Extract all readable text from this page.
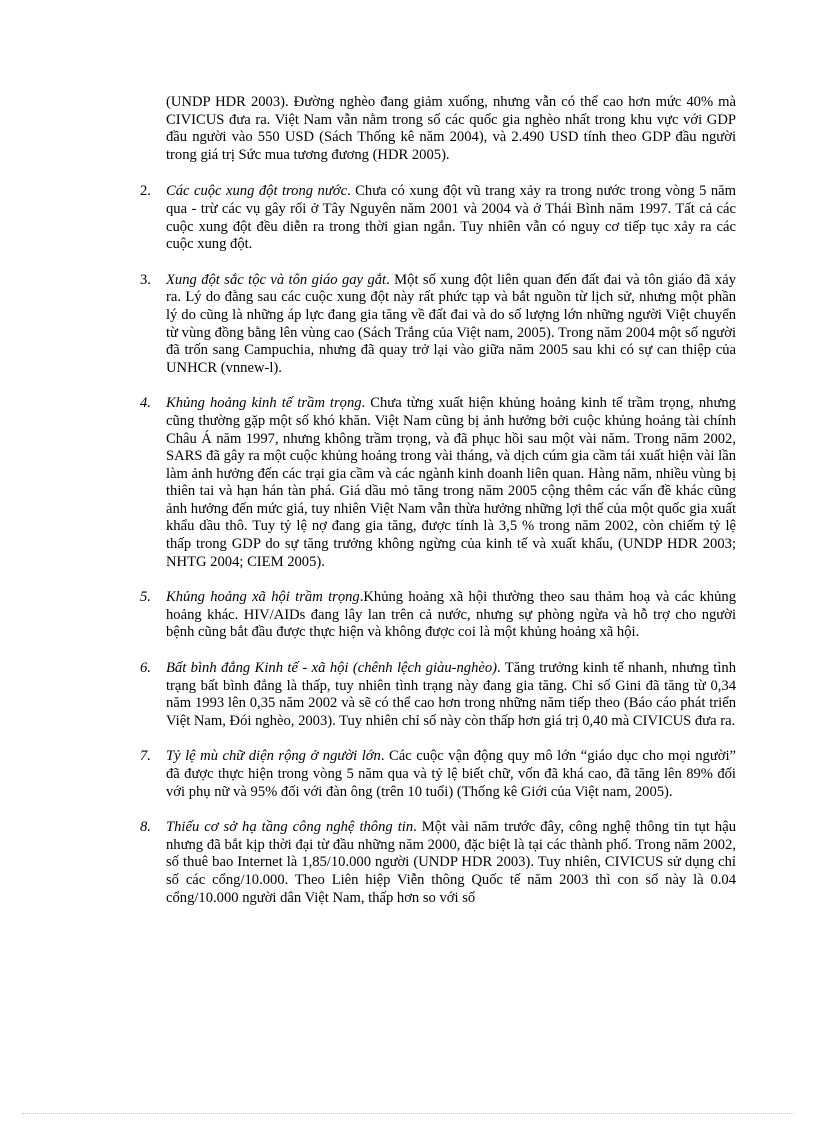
(UNDP HDR 2003). Đường nghèo đang giảm xuống, nhưng vẫn có thể cao hơn mức 40% mà CIVICUS đưa ra. Việt Nam vẫn nằm trong số các quốc gia nghèo nhất trong khu vực với GDP đầu người vào 550 USD (Sách Thống kê năm 2004), và 2.490 USD tính theo GDP đầu người trong giá trị Sức mua tương đương (HDR 2005).

2.	Các cuộc xung đột trong nước. Chưa có xung đột vũ trang xảy ra trong nước trong vòng 5 năm qua - trừ các vụ gây rối ở Tây Nguyên năm 2001 và 2004 và ở Thái Bình năm 1997. Tất cả các cuộc xung đột đều diễn ra trong thời gian ngắn. Tuy nhiên vẫn có nguy cơ tiếp tục xảy ra các cuộc xung đột.

3.	Xung đột sắc tộc và tôn giáo gay gắt. Một số xung đột liên quan đến đất đai và tôn giáo đã xảy ra. Lý do đằng sau các cuộc xung đột này rất phức tạp và bắt nguồn từ lịch sử, nhưng một phần lý do cũng là những áp lực đang gia tăng về đất đai và do số lượng lớn những người Việt chuyển từ vùng đồng bằng lên vùng cao (Sách Trắng của Việt nam, 2005). Trong năm 2004 một số người đã trốn sang Campuchia, nhưng đã quay trở lại vào giữa năm 2005 sau khi có sự can thiệp của UNHCR (vnnew-l).

4.	Khủng hoảng kinh tế trầm trọng. Chưa từng xuất hiện khủng hoảng kinh tế trầm trọng, nhưng cũng thường gặp một số khó khăn. Việt Nam cũng bị ảnh hưởng bởi cuộc khủng hoảng tài chính Châu Á năm 1997, nhưng không trầm trọng, và đã phục hồi sau một vài năm. Trong năm 2002, SARS đã gây ra một cuộc khủng hoảng trong vài tháng, và dịch cúm gia cầm tái xuất hiện vài lần làm ảnh hưởng đến các trại gia cầm và các ngành kinh doanh liên quan. Hàng năm, nhiều vùng bị thiên tai và hạn hán tàn phá. Giá dầu mỏ tăng trong năm 2005 cộng thêm các vấn đề khác cũng ảnh hưởng đến mức giá, tuy nhiên Việt Nam vẫn thừa hưởng những lợi thế của một quốc gia xuất khẩu dầu thô. Tuy tỷ lệ nợ đang gia tăng, được tính là 3,5 % trong năm 2002, còn chiếm tỷ lệ thấp trong GDP do sự tăng trưởng không ngừng của kinh tế và xuất khẩu, (UNDP HDR 2003; NHTG 2004; CIEM 2005).

5.	Khủng hoảng xã hội trầm trọng.Khủng hoảng xã hội thường theo sau thảm hoạ và các khủng hoảng khác. HIV/AIDs đang lây lan trên cả nước, nhưng sự phòng ngừa và hỗ trợ cho người bệnh cũng bắt đầu được thực hiện và không được coi là một khủng hoảng xã hội.

6.	Bất bình đẳng Kinh tế - xã hội (chênh lệch giàu-nghèo). Tăng trưởng kinh tế nhanh, nhưng tình trạng bất bình đẳng là thấp, tuy nhiên tình trạng này đang gia tăng. Chỉ số Gini đã tăng từ 0,34 năm 1993 lên 0,35 năm 2002 và sẽ có thể cao hơn trong những năm tiếp theo (Báo cáo phát triển Việt Nam, Đói nghèo, 2003). Tuy nhiên chỉ số này còn thấp hơn giá trị 0,40 mà CIVICUS đưa ra.

7.	Tỷ lệ mù chữ diện rộng ở người lớn. Các cuộc vận động quy mô lớn “giáo dục cho mọi người” đã được thực hiện trong vòng 5 năm qua và tỷ lệ biết chữ, vốn đã khá cao, đã tăng lên 89% đối với phụ nữ và 95% đối với đàn ông (trên 10 tuổi) (Thống kê Giới của Việt nam, 2005).

8.	Thiếu cơ sở hạ tầng công nghệ thông tin. Một vài năm trước đây, công nghệ thông tin tụt hậu nhưng đã bắt kịp thời đại từ đầu những năm 2000, đặc biệt là tại các thành phố. Trong năm 2002, số thuê bao Internet là 1,85/10.000 người (UNDP HDR 2003). Tuy nhiên, CIVICUS sử dụng chỉ số các cổng/10.000. Theo Liên hiệp Viễn thông Quốc tế năm 2003 thì con số này là 0.04 cổng/10.000 người dân Việt Nam, thấp hơn so với số
